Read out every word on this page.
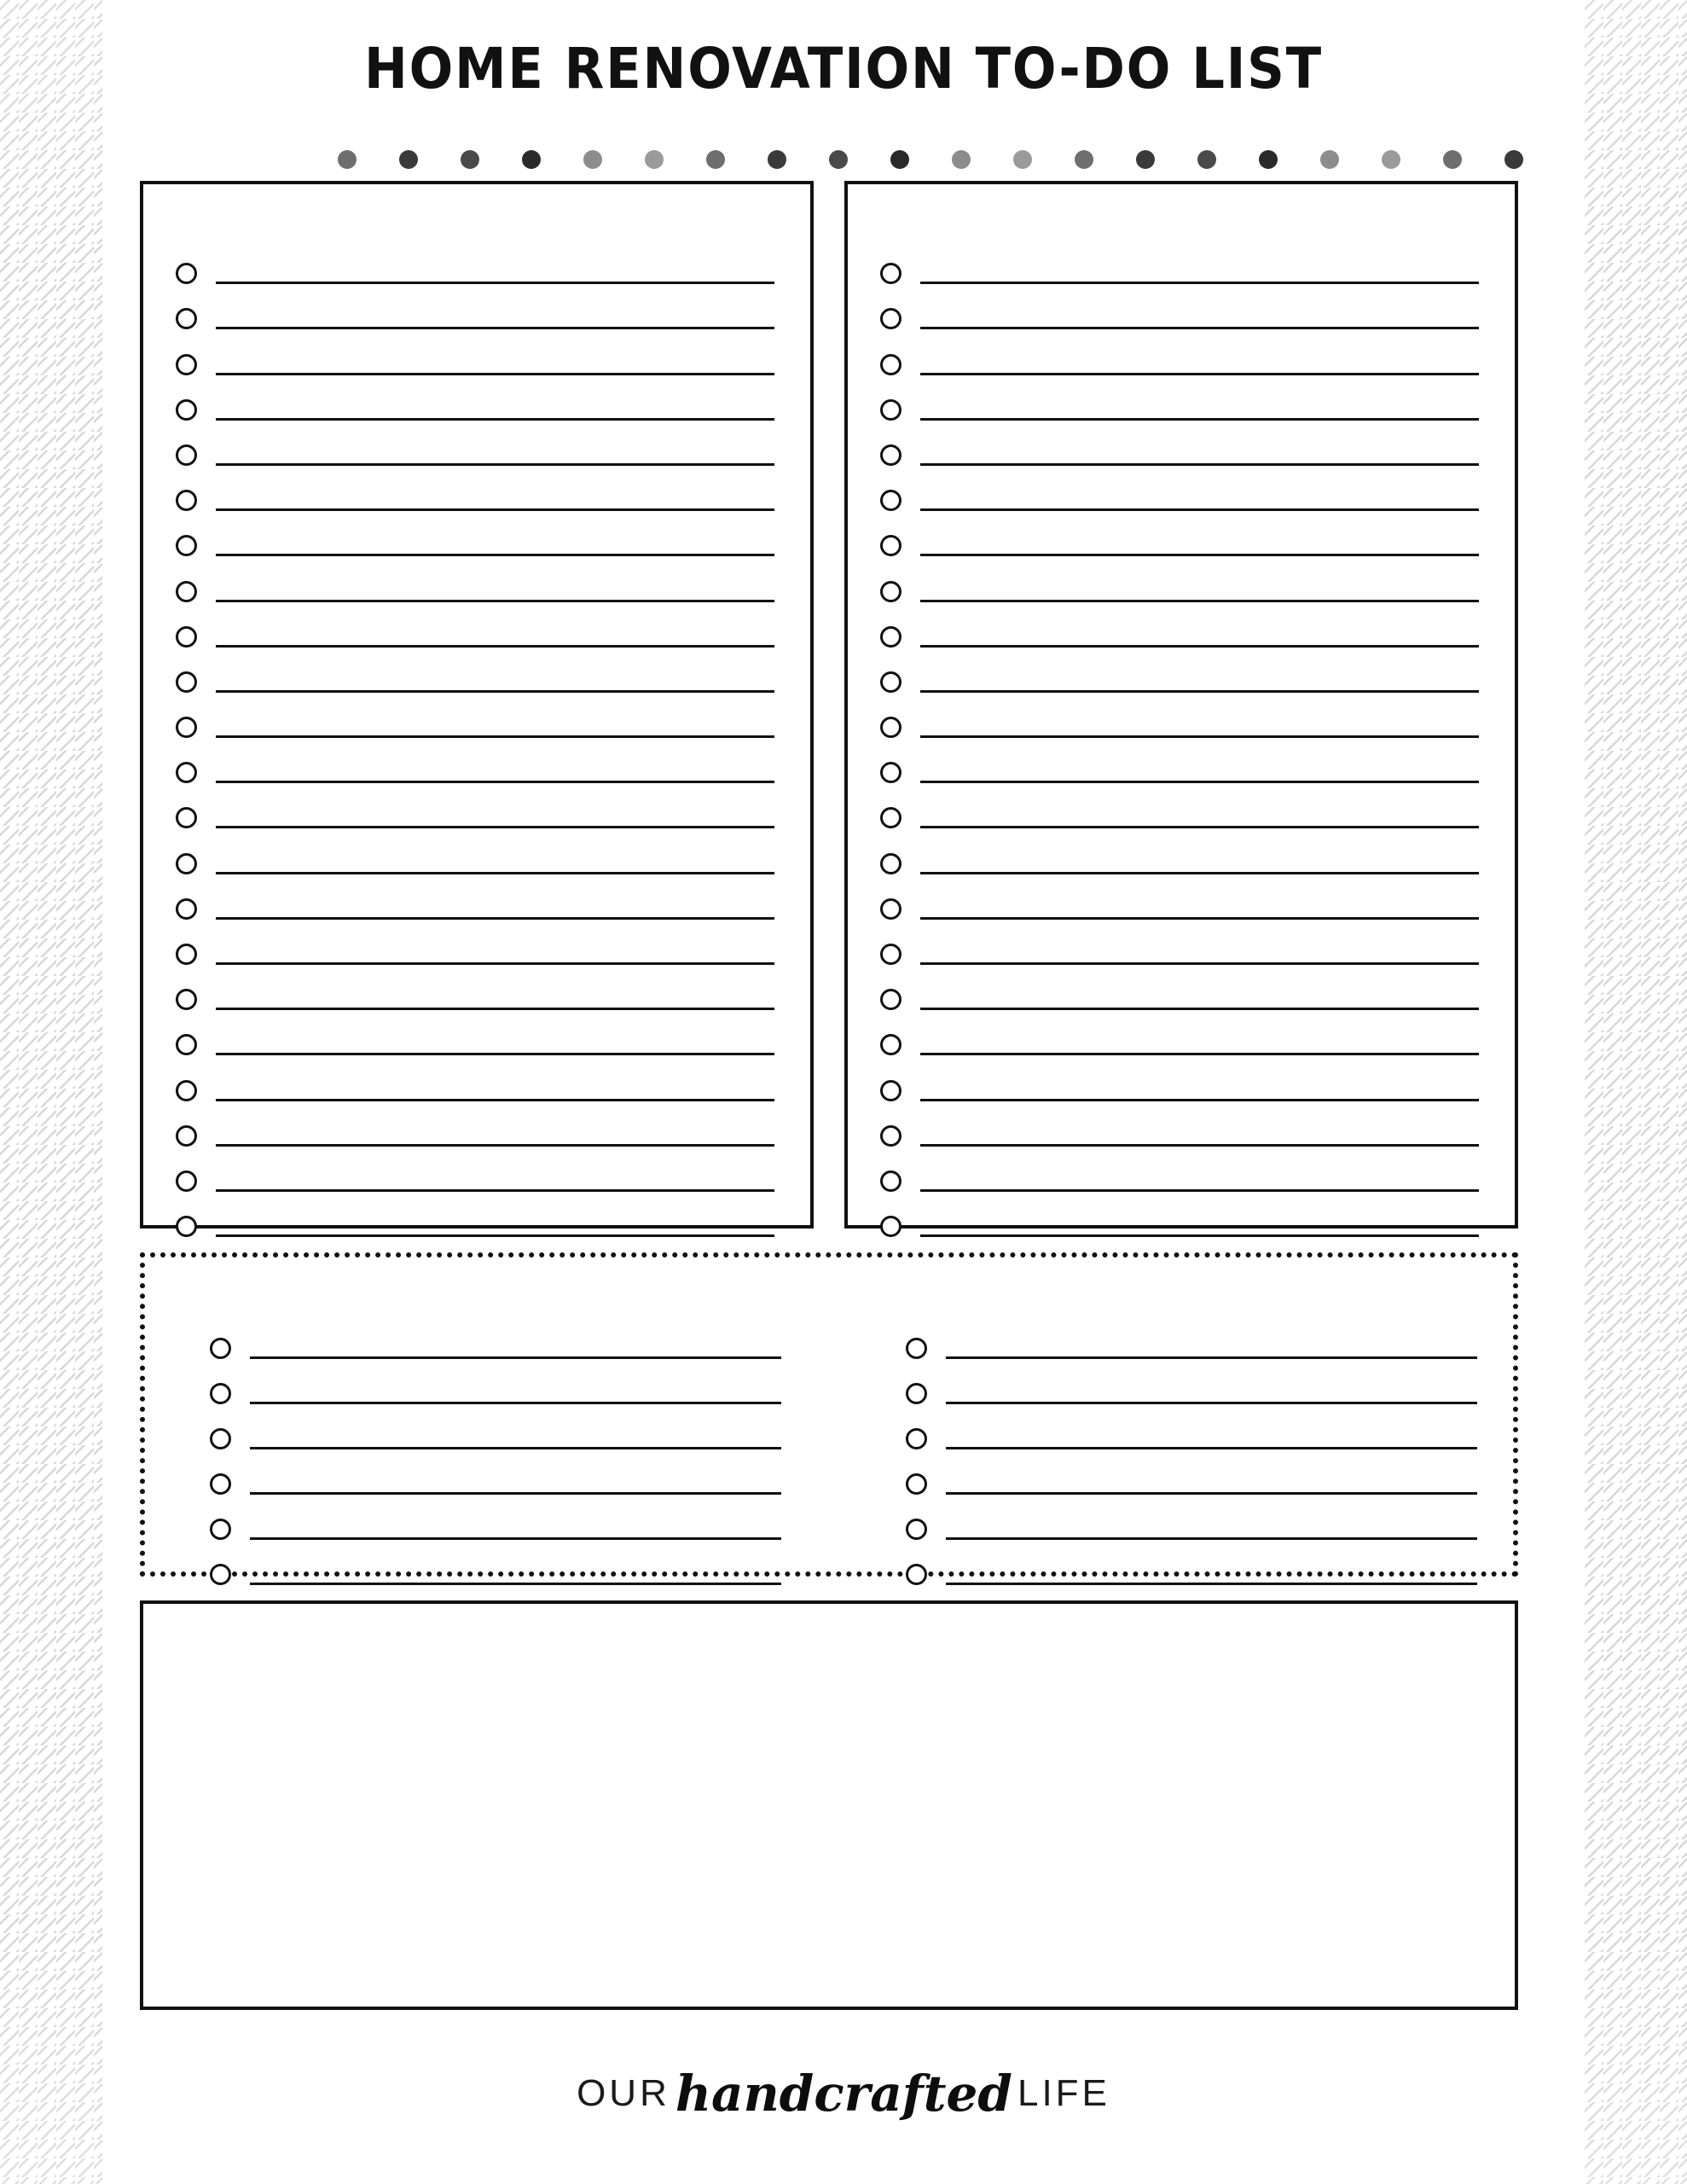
HOME RENOVATION TO-DO LIST
OUR handcrafted LIFE
